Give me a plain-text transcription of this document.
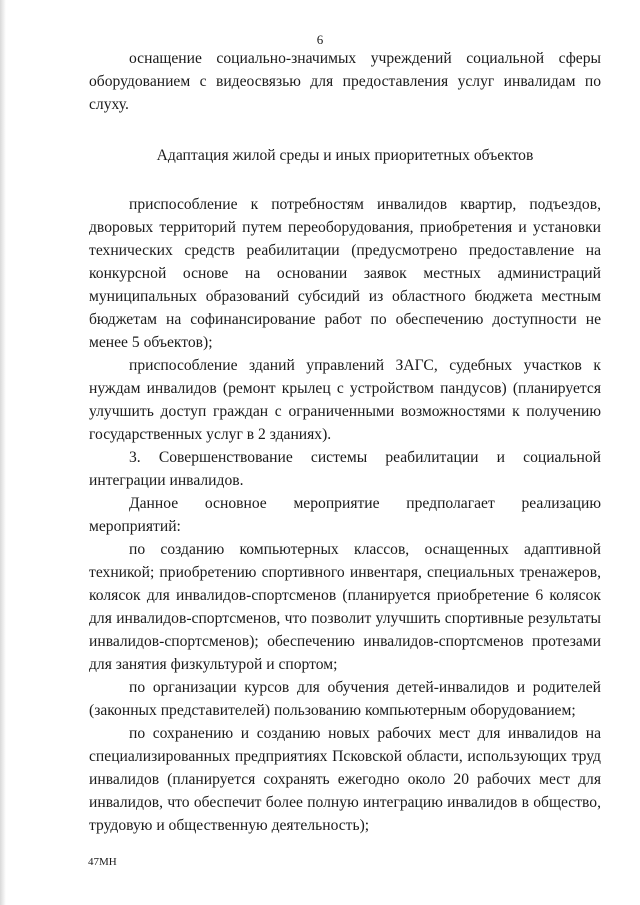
6

оснащение социально-значимых учреждений социальной сферы оборудованием с видеосвязью для предоставления услуг инвалидам по слуху.

Адаптация жилой среды и иных приоритетных объектов

приспособление к потребностям инвалидов квартир, подъездов, дворовых территорий путем переоборудования, приобретения и установки технических средств реабилитации (предусмотрено предоставление на конкурсной основе на основании заявок местных администраций муниципальных образований субсидий из областного бюджета местным бюджетам на софинансирование работ по обеспечению доступности не менее 5 объектов);

приспособление зданий управлений ЗАГС, судебных участков к нуждам инвалидов (ремонт крылец с устройством пандусов) (планируется улучшить доступ граждан с ограниченными возможностями к получению государственных услуг в 2 зданиях).

3. Совершенствование системы реабилитации и социальной интеграции инвалидов.

Данное основное мероприятие предполагает реализацию мероприятий:

по созданию компьютерных классов, оснащенных адаптивной техникой; приобретению спортивного инвентаря, специальных тренажеров, колясок для инвалидов-спортсменов (планируется приобретение 6 колясок для инвалидов-спортсменов, что позволит улучшить спортивные результаты инвалидов-спортсменов); обеспечению инвалидов-спортсменов протезами для занятия физкультурой и спортом;

по организации курсов для обучения детей-инвалидов и родителей (законных представителей) пользованию компьютерным оборудованием;

по сохранению и созданию новых рабочих мест для инвалидов на специализированных предприятиях Псковской области, использующих труд инвалидов (планируется сохранять ежегодно около 20 рабочих мест для инвалидов, что обеспечит более полную интеграцию инвалидов в общество, трудовую и общественную деятельность);

47МН
